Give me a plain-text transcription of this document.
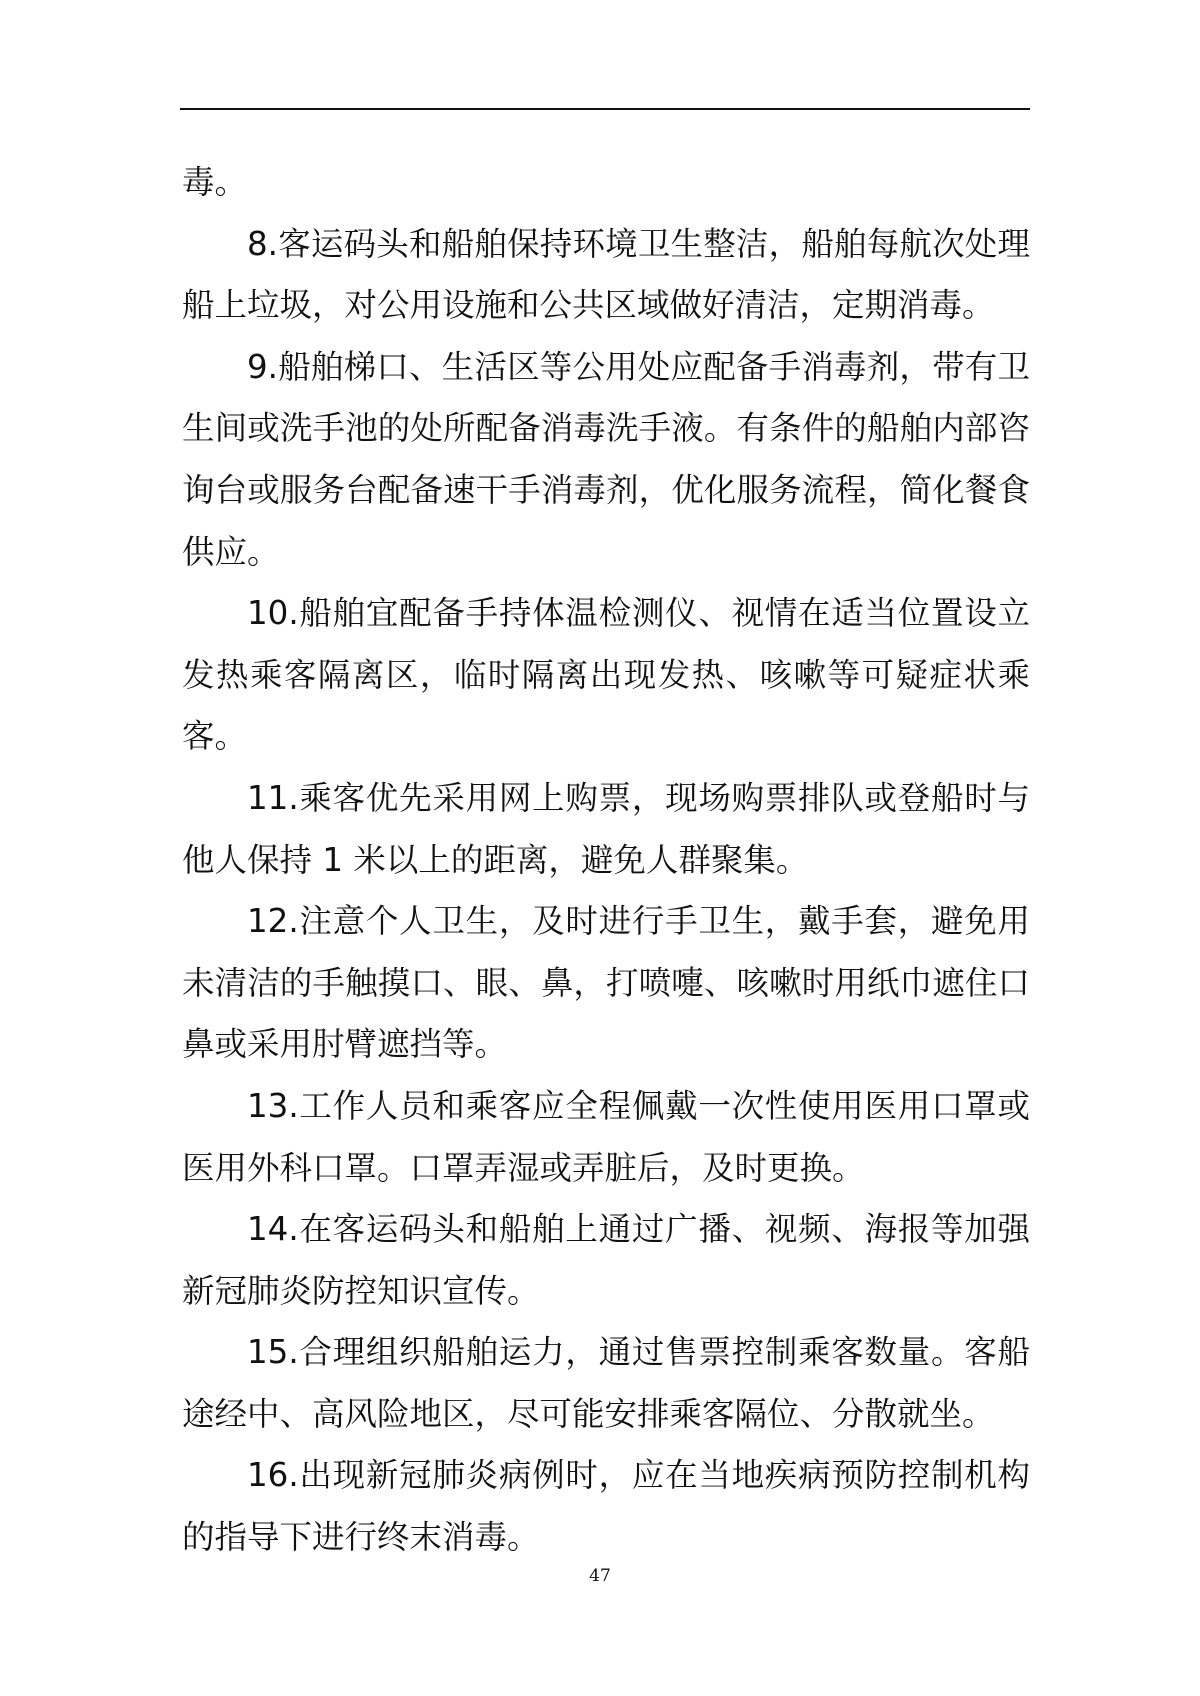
毒。

8.客运码头和船舶保持环境卫生整洁，船舶每航次处理船上垃圾，对公用设施和公共区域做好清洁，定期消毒。

9.船舶梯口、生活区等公用处应配备手消毒剂，带有卫生间或洗手池的处所配备消毒洗手液。有条件的船舶内部咨询台或服务台配备速干手消毒剂，优化服务流程，简化餐食供应。

10.船舶宜配备手持体温检测仪、视情在适当位置设立发热乘客隔离区，临时隔离出现发热、咳嗽等可疑症状乘客。

11.乘客优先采用网上购票，现场购票排队或登船时与他人保持 1 米以上的距离，避免人群聚集。

12.注意个人卫生，及时进行手卫生，戴手套，避免用未清洁的手触摸口、眼、鼻，打喷嚏、咳嗽时用纸巾遮住口鼻或采用肘臂遮挡等。

13.工作人员和乘客应全程佩戴一次性使用医用口罩或医用外科口罩。口罩弄湿或弄脏后，及时更换。

14.在客运码头和船舶上通过广播、视频、海报等加强新冠肺炎防控知识宣传。

15.合理组织船舶运力，通过售票控制乘客数量。客船途经中、高风险地区，尽可能安排乘客隔位、分散就坐。

16.出现新冠肺炎病例时，应在当地疾病预防控制机构的指导下进行终末消毒。

47
